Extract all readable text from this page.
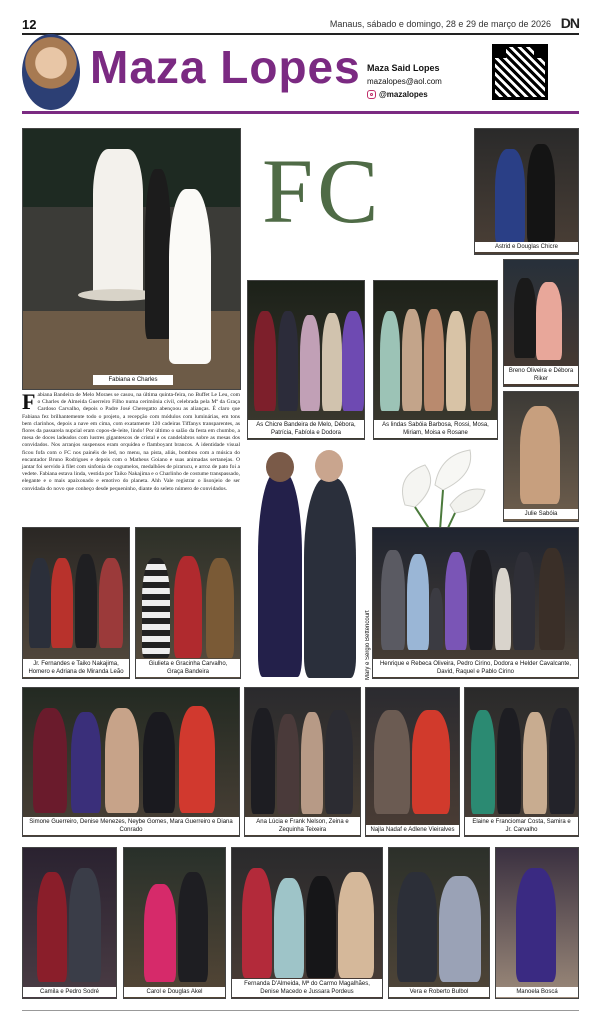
12	Manaus, sábado e domingo, 28 e 29 de março de 2026 DN
Maza Lopes Maza Said Lopes
mazalopes@aol.com
@mazalopes
Fabiana e Charles
Fabiana Bandeira de Melo Moraes se casou, na última quinta-feira, no Buffet Le Leu, com o Charles de Almeida Guerreiro Filho numa cerimônia civil, celebrada pela Mª da Graça Cardoso Carvalho, depois o Padre José Cheregatto abençoou as alianças. É claro que Fabiana fez brilhantemente todo o projeto, a recepção com módulos com luminárias, em tons bem clarinhos, depois a nave em cima, com exatamente 120 cadeiras Tiffanys transparentes, as flores da passarela nupcial eram copos-de-leite, lindo! Por último o salão da festa em chumbo, a mesa de doces ladeados com lustres gigantescos de cristal e os candelabros sobre as mesas dos convidados. Nos arranjos suspensos eram orquídea e flamboyant brancos. A identidade visual ficou fofa com o FC nos painéis de led, no menu, na pista, aliás, bombou com a música do encantador Bruno Rodrigues e depois com o Matheus Goiano e suas animadas sertanejas. O jantar foi servido à filet com sinfonia de cogumelos, medalhões de pirarucu, e arroz de pato foi a vedete. Fabiana estava linda, vestida por Taiko Nakajima e o Charlinho de costume transpassado, elegante e o mais apaixonado e emotivo do planeta. Ahh Vale registrar o lisonjeio de ser convidada do novo que conheço desde pequeninho, diante do seleto número de convidados.
FC
Astrid e Douglas Chicre
Breno Oliveira e Débora Riker
Julie Sabóia
As Chicre Bandeira de Melo, Débora, Patrícia, Fabíola e Dodora
As lindas Sabóia Barbosa, Rossi, Mosa, Miriam, Moisa e Rosane
Mary e Sérgio Bettencourt
Jr. Fernandes e Taiko Nakajima, Homero e Adriana de Miranda Leão
Giulieta e Gracinha Carvalho, Graça Bandeira
Henrique e Rebeca Oliveira, Pedro Cirino, Dodora e Helder Cavalcante, David, Raquel e Pablo Cirino
Simone Guerreiro, Denise Menezes, Neybe Gomes, Mara Guerreiro e Diana Conrado
Ana Lúcia e Frank Nelson, Zeina e Zequinha Teixeira	Najla Nadaf e Adlene Vieiralves
Elaine e Franciomar Costa, Samira e Jr. Carvalho
Camila e Pedro Sodré	Carol e Douglas Akel
Fernanda D'Almeida, Mª do Carmo Magalhães, Denise Macedo e Jussara Pordeus	Vera e Roberto Bulbol	Manoela Boscá
